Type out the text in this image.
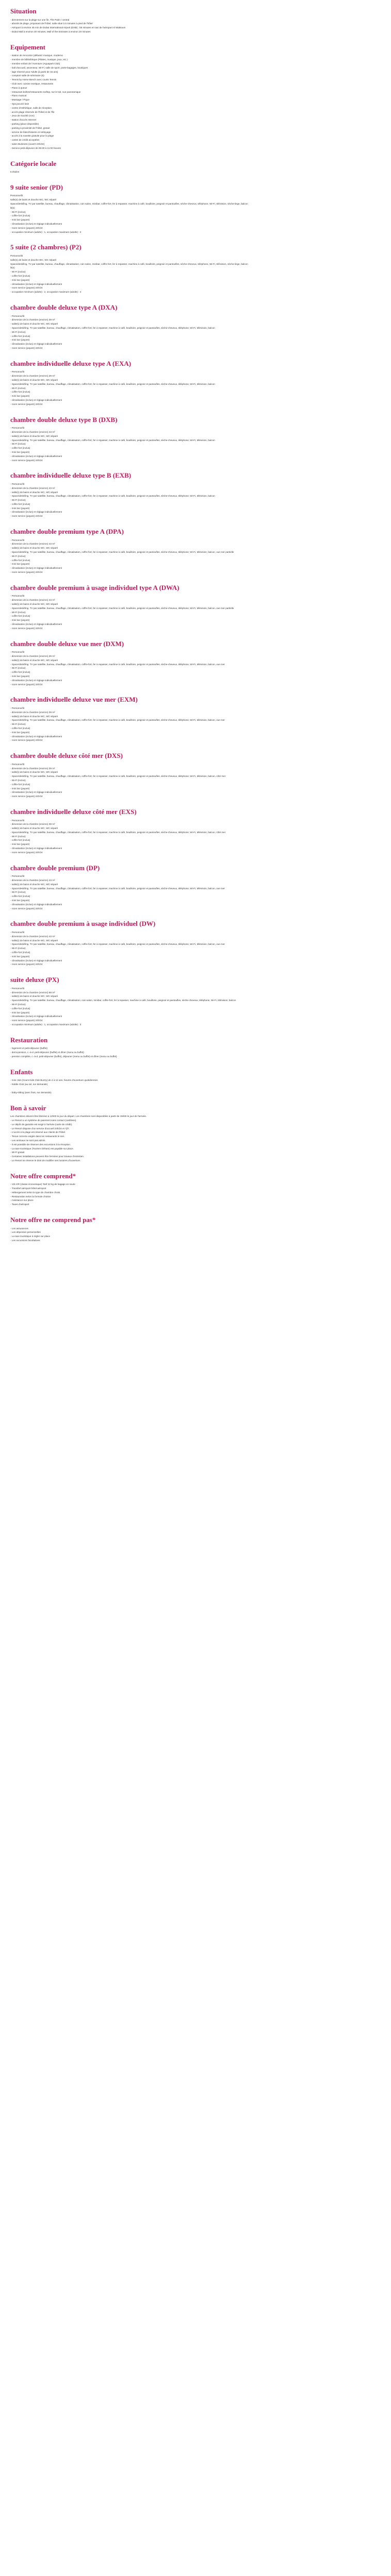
Situation

- directement sur la plage sur une île, The Palm / central
- abords de plage, proposant de l'hôtel, salle situé à 5 minutes à pied de l'hôtel
- Aéroport à environ 45 min de Dubaï International Airport (DXB) ; 55 minutes en taxi de l'aéroport Al Maktoum
- Dubai Mall à environ 30 minutes, Mall of the Emirates à environ 20 minutes

Equipement

- station de rencontre (débutez musique, moderne
- membre de bibliothèque (Pilates, musique, jeux, etc.)
- membre enfant de l'Aventure (Aquapark Club)
- hall d'accueil, ascenseur, Wi-Fi, salle de sport, porte-bagages, boutiques
- lage réservé pour Adults (à partir de 16 ans)
- comptoir salle de séminaire (6)
- Tennis by Home Bench avec courts Tennis
- Club avec cuisine exotique, restaurants
- Piano à queue
- restaurant boîtes/restaurants rooftop, sur le toit, vue panoramique
- Piano musical
- Massage / Pique
- Spa jacuzzi bain
- centre d'esthétique, salle de réception
- accès plage réservée de l'hôtel et de l'île
- Jeux de société (non)
- station d'accès Internet
- parking (place disponible)
- parking à proximité de l'hôtel, gratuit
- service de blanchisserie et nettoyage
- accès à la navette gratuite pour la plage
- cartes de crédit acceptées
- salon Business (ouvert 24h/24)
- Service petit déjeuner de 06:30 à 11:00 heures

Catégorie locale

5 étoiles

9 suite senior (PD)

Personne/lit
salle(s) de bains et douche WC, WC séparé
Space/desk/ling. TV par satellite, bureau, chauffage, climatisation, coin salon, minibar, coffre-fort, fer à repasser, machine à café, bouilloire, peignoir et pantoufles, sèche-cheveux, téléphone, Wi-Fi, télévision, sèche-linge, balcon
lit(s)
- Wi-Fi (inclus)
- coffre-fort (inclus)
- mini bar (payant)
- climatisation (inclus) et réglage individuellement
- room service (payant) 24h/24
- occupation minimum (adulte) : 1, occupation maximum (adulte) : 2

5 suite (2 chambres) (P2)

Personne/lit
salle(s) de bains et douche WC, WC séparé
Space/desk/ling. TV par satellite, bureau, chauffage, climatisation, coin salon, minibar, coffre-fort, fer à repasser, machine à café, bouilloire, peignoir et pantoufles, sèche-cheveux, téléphone, Wi-Fi, télévision, sèche-linge, balcon
lit(s)
- Wi-Fi (inclus)
- coffre-fort (inclus)
- mini bar (payant)
- climatisation (inclus) et réglage individuellement
- room service (payant) 24h/24
- occupation minimum (adulte) : 2, occupation maximum (adulte) : 4

chambre double deluxe type A (DXA)

- Personne/lit
- dimension de la chambre (environ) 39 m²
- salle(s) de bains et douche WC, WC séparé
- Space/desk/ling. TV par satellite, bureau, chauffage, climatisation, coffre-fort, fer à repasser, machine à café, bouilloire, peignoir et pantoufles, sèche-cheveux, téléphone, Wi-Fi, télévision, balcon
- Wi-Fi (inclus)
- coffre-fort (inclus)
- mini bar (payant)
- climatisation (inclus) et réglage individuellement
- room service (payant) 24h/24

chambre individuelle deluxe type A (EXA)

- Personne/lit
- dimension de la chambre (environ) 39 m²
- salle(s) de bains et douche WC, WC séparé
- Space/desk/ling. TV par satellite, bureau, chauffage, climatisation, coffre-fort, fer à repasser, machine à café, bouilloire, peignoir et pantoufles, sèche-cheveux, téléphone, Wi-Fi, télévision, balcon
- Wi-Fi (inclus)
- coffre-fort (inclus)
- mini bar (payant)
- climatisation (inclus) et réglage individuellement
- room service (payant) 24h/24

chambre double deluxe type B (DXB)

- Personne/lit
- dimension de la chambre (environ) 43 m²
- salle(s) de bains et douche WC, WC séparé
- Space/desk/ling. TV par satellite, bureau, chauffage, climatisation, coffre-fort, fer à repasser, machine à café, bouilloire, peignoir et pantoufles, sèche-cheveux, téléphone, Wi-Fi, télévision, balcon
- Wi-Fi (inclus)
- coffre-fort (inclus)
- mini bar (payant)
- climatisation (inclus) et réglage individuellement
- room service (payant) 24h/24

chambre individuelle deluxe type B (EXB)

- Personne/lit
- dimension de la chambre (environ) 43 m²
- salle(s) de bains et douche WC, WC séparé
- Space/desk/ling. TV par satellite, bureau, chauffage, climatisation, coffre-fort, fer à repasser, machine à café, bouilloire, peignoir et pantoufles, sèche-cheveux, téléphone, Wi-Fi, télévision, balcon
- Wi-Fi (inclus)
- coffre-fort (inclus)
- mini bar (payant)
- climatisation (inclus) et réglage individuellement
- room service (payant) 24h/24

chambre double premium type A (DPA)

- Personne/lit
- dimension de la chambre (environ) 43 m²
- salle(s) de bains et douche WC, WC séparé
- Space/desk/ling. TV par satellite, bureau, chauffage, climatisation, coffre-fort, fer à repasser, machine à café, bouilloire, peignoir et pantoufles, sèche-cheveux, téléphone, Wi-Fi, télévision, balcon, vue mer partielle
- Wi-Fi (inclus)
- coffre-fort (inclus)
- mini bar (payant)
- climatisation (inclus) et réglage individuellement
- room service (payant) 24h/24

chambre double premium à usage individuel type A (DWA)

- Personne/lit
- dimension de la chambre (environ) 43 m²
- salle(s) de bains et douche WC, WC séparé
- Space/desk/ling. TV par satellite, bureau, chauffage, climatisation, coffre-fort, fer à repasser, machine à café, bouilloire, peignoir et pantoufles, sèche-cheveux, téléphone, Wi-Fi, télévision, balcon, vue mer partielle
- Wi-Fi (inclus)
- coffre-fort (inclus)
- mini bar (payant)
- climatisation (inclus) et réglage individuellement
- room service (payant) 24h/24

chambre double deluxe vue mer (DXM)

- Personne/lit
- dimension de la chambre (environ) 39 m²
- salle(s) de bains et douche WC, WC séparé
- Space/desk/ling. TV par satellite, bureau, chauffage, climatisation, coffre-fort, fer à repasser, machine à café, bouilloire, peignoir et pantoufles, sèche-cheveux, téléphone, Wi-Fi, télévision, balcon, vue mer
- Wi-Fi (inclus)
- coffre-fort (inclus)
- mini bar (payant)
- climatisation (inclus) et réglage individuellement
- room service (payant) 24h/24

chambre individuelle deluxe vue mer (EXM)

- Personne/lit
- dimension de la chambre (environ) 39 m²
- salle(s) de bains et douche WC, WC séparé
- Space/desk/ling. TV par satellite, bureau, chauffage, climatisation, coffre-fort, fer à repasser, machine à café, bouilloire, peignoir et pantoufles, sèche-cheveux, téléphone, Wi-Fi, télévision, balcon, vue mer
- Wi-Fi (inclus)
- coffre-fort (inclus)
- mini bar (payant)
- climatisation (inclus) et réglage individuellement
- room service (payant) 24h/24

chambre double deluxe côté mer (DXS)

- Personne/lit
- dimension de la chambre (environ) 39 m²
- salle(s) de bains et douche WC, WC séparé
- Space/desk/ling. TV par satellite, bureau, chauffage, climatisation, coffre-fort, fer à repasser, machine à café, bouilloire, peignoir et pantoufles, sèche-cheveux, téléphone, Wi-Fi, télévision, balcon, côté mer
- Wi-Fi (inclus)
- coffre-fort (inclus)
- mini bar (payant)
- climatisation (inclus) et réglage individuellement
- room service (payant) 24h/24

chambre individuelle deluxe côté mer (EXS)

- Personne/lit
- dimension de la chambre (environ) 39 m²
- salle(s) de bains et douche WC, WC séparé
- Space/desk/ling. TV par satellite, bureau, chauffage, climatisation, coffre-fort, fer à repasser, machine à café, bouilloire, peignoir et pantoufles, sèche-cheveux, téléphone, Wi-Fi, télévision, balcon, côté mer
- Wi-Fi (inclus)
- coffre-fort (inclus)
- mini bar (payant)
- climatisation (inclus) et réglage individuellement
- room service (payant) 24h/24

chambre double premium (DP)

- Personne/lit
- dimension de la chambre (environ) 43 m²
- salle(s) de bains et douche WC, WC séparé
- Space/desk/ling. TV par satellite, bureau, chauffage, climatisation, coffre-fort, fer à repasser, machine à café, bouilloire, peignoir et pantoufles, sèche-cheveux, téléphone, Wi-Fi, télévision, balcon, vue mer
- Wi-Fi (inclus)
- coffre-fort (inclus)
- mini bar (payant)
- climatisation (inclus) et réglage individuellement
- room service (payant) 24h/24

chambre double premium à usage individuel (DW)

- Personne/lit
- dimension de la chambre (environ) 43 m²
- salle(s) de bains et douche WC, WC séparé
- Space/desk/ling. TV par satellite, bureau, chauffage, climatisation, coffre-fort, fer à repasser, machine à café, bouilloire, peignoir et pantoufles, sèche-cheveux, téléphone, Wi-Fi, télévision, balcon, vue mer
- Wi-Fi (inclus)
- coffre-fort (inclus)
- mini bar (payant)
- climatisation (inclus) et réglage individuellement
- room service (payant) 24h/24

suite deluxe (PX)

- Personne/lit
- dimension de la chambre (environ) 68 m²
- salle(s) de bains et douche WC, WC séparé
- Space/desk/ling. TV par satellite, bureau, chauffage, climatisation, coin salon, minibar, coffre-fort, fer à repasser, machine à café, bouilloire, peignoir et pantoufles, sèche-cheveux, téléphone, Wi-Fi, télévision, balcon
- Wi-Fi (inclus)
- coffre-fort (inclus)
- mini bar (payant)
- climatisation (inclus) et réglage individuellement
- room service (payant) 24h/24
- occupation minimum (adulte) : 1, occupation maximum (adulte) : 3

Restauration

- logement et petit-déjeuner (buffet)
- demi-pension, c.-à-d. petit-déjeuner (buffet) et dîner (menu ou buffet)
- pension complète, c.-à-d. petit-déjeuner (buffet), déjeuner (menu ou buffet) et dîner (menu ou buffet)

Enfants

- mini club (Cours Kids Club Buzzy) de 4 à 12 ans, heures d'ouverture quotidiennes
- Kiddie Club (au sol, sur demande)
- baby-sitting (avec frais, sur demande)

Bon à savoir

Les chambres doivent être libérées à 12h00 le jour du départ. Les chambres sont disponibles à partir de 15h00 le jour de l'arrivée.
- Le Resort a un système de paiement sans contact (cashless).
- Le dépôt de garantie est exigé à l'arrivée (carte de crédit).
- Le Resort dispose d'un service d'accueil 24h/24 et 7j/7.
- L'accès à la plage est réservé aux clients de l'hôtel.
- Tenue correcte exigée dans les restaurants le soir.
- Les animaux ne sont pas admis.
- Il est possible de réserver des excursions à la réception.
- La taxe touristique (Tourism Dirham) est payable sur place.
- Wi-Fi gratuit
- Certaines installations peuvent être fermées pour travaux d'entretien.
- Le Resort se réserve le droit de modifier ses horaires d'ouverture.

Notre offre comprend*

- Vol A/R (classe économique) Tarif 22 kg de bagage en soute
- Transfert aéroport-hôtel-aéroport
- Hébergement selon le type de chambre choisi
- Restauration selon la formule choisie
- Assistance sur place
- Taxes d'aéroport

Notre offre ne comprend pas*

- Les assurances
- Les dépenses personnelles
- La taxe touristique à régler sur place
- Les excursions facultatives
